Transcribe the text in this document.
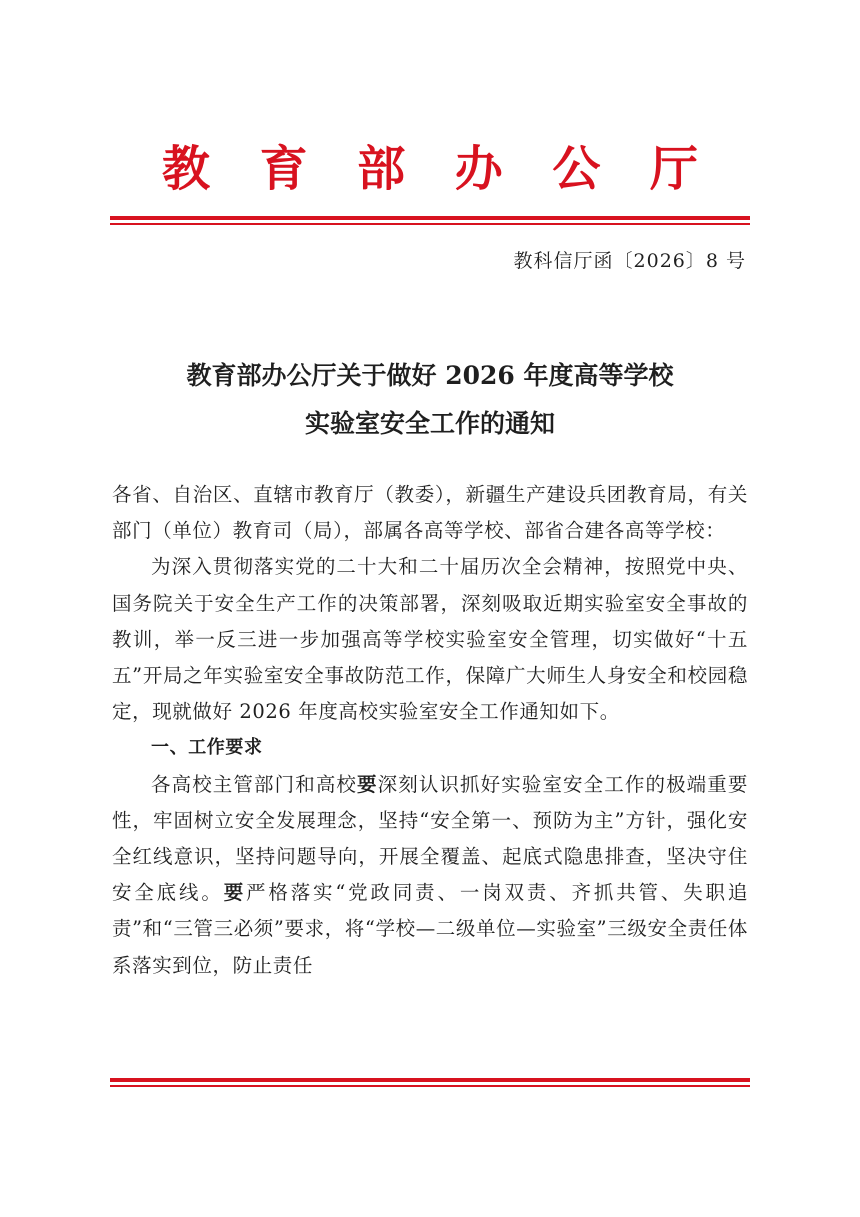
教 育 部 办 公 厅
教科信厅函〔2026〕8 号
教育部办公厅关于做好 2026 年度高等学校
实验室安全工作的通知

各省、自治区、直辖市教育厅（教委），新疆生产建设兵团教育局，有关部门（单位）教育司（局），部属各高等学校、部省合建各高等学校：

为深入贯彻落实党的二十大和二十届历次全会精神，按照党中央、国务院关于安全生产工作的决策部署，深刻吸取近期实验室安全事故的教训，举一反三进一步加强高等学校实验室安全管理，切实做好“十五五”开局之年实验室安全事故防范工作，保障广大师生人身安全和校园稳定，现就做好 2026 年度高校实验室安全工作通知如下。

一、工作要求

各高校主管部门和高校要深刻认识抓好实验室安全工作的极端重要性，牢固树立安全发展理念，坚持“安全第一、预防为主”方针，强化安全红线意识，坚持问题导向，开展全覆盖、起底式隐患排查，坚决守住安全底线。要严格落实“党政同责、一岗双责、齐抓共管、失职追责”和“三管三必须”要求，将“学校—二级单位—实验室”三级安全责任体系落实到位，防止责任
